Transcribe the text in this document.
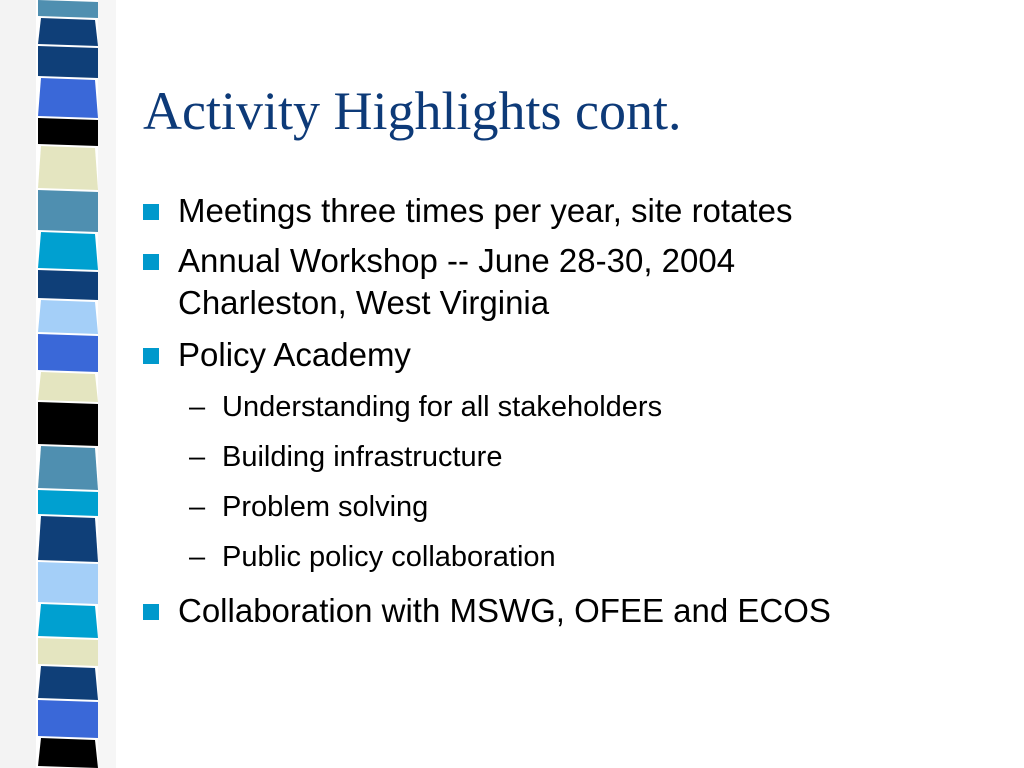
Activity Highlights cont.
Meetings three times per year, site rotates
Annual Workshop -- June 28-30, 2004
Charleston, West Virginia
Policy Academy
– Understanding for all stakeholders
– Building infrastructure
– Problem solving
– Public policy collaboration
Collaboration with MSWG, OFEE and ECOS
